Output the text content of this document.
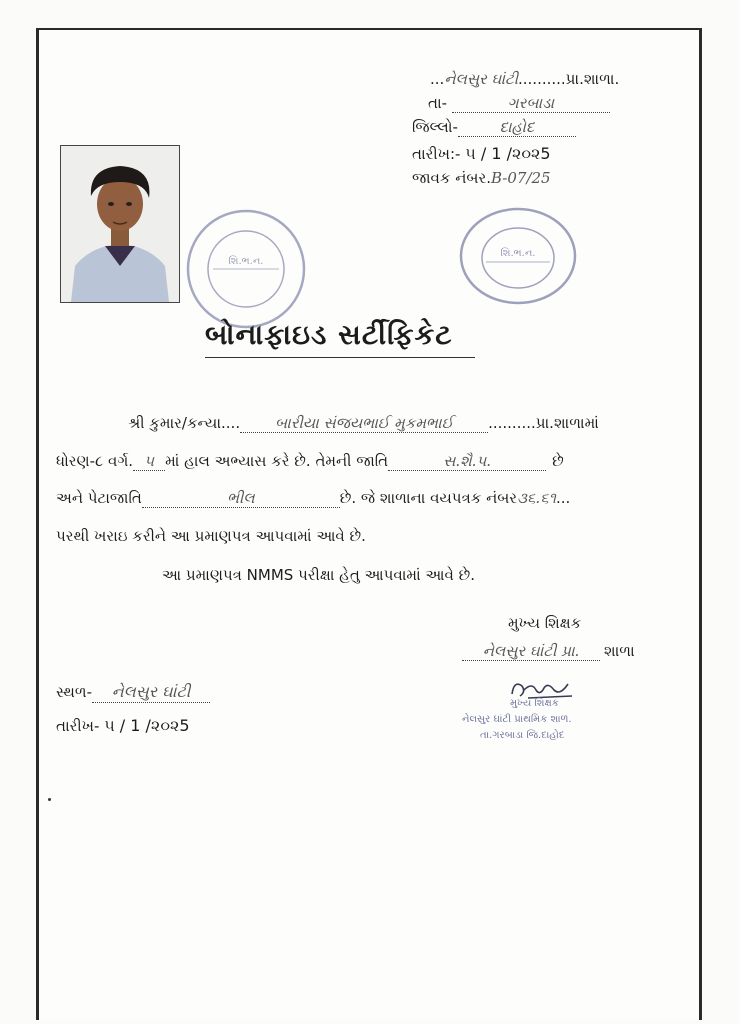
...નેલસુર ઘાંટી..........પ્રા.શાળા.
તા-	ગરબાડા
જિલ્લો-	દાહોદ
તારીખ:- ૫ / 1 /૨૦૨5
જાવક નંબર.B-07/25
શિ.ભ.ન.
શિ.ભ.ન.
બોનાફાઇડ સર્ટીફિકેટ
શ્રી કુમાર/કન્યા.... બારીયા સંજયભાઈ મુકમભાઈ ..........પ્રા.શાળામાં
ધોરણ-૮ વર્ગ. ૫ માં હાલ અભ્યાસ કરે છે. તેમની જાતિ	સ.શૈ.પ.	છે
અને પેટાજાતિ	ભીલ	છે. જે શાળાના વયપત્રક નંબર૩૬.૬૧...
પરથી ખરાઇ કરીને આ પ્રમાણપત્ર આપવામાં આવે છે.
આ પ્રમાણપત્ર NMMS પરીક્ષા હેતુ આપવામાં આવે છે.
મુખ્ય શિક્ષક
નેલસુર ઘાંટી પ્રા. શાળા
મુખ્ય શિક્ષક
નેલસુર ઘાંટી પ્રાથમિક શાળ.
તા.ગરબાડા જિ.દાહોદ
સ્થળ- નેલસુર ઘાંટી
તારીખ- ૫ / 1 /૨૦૨5
